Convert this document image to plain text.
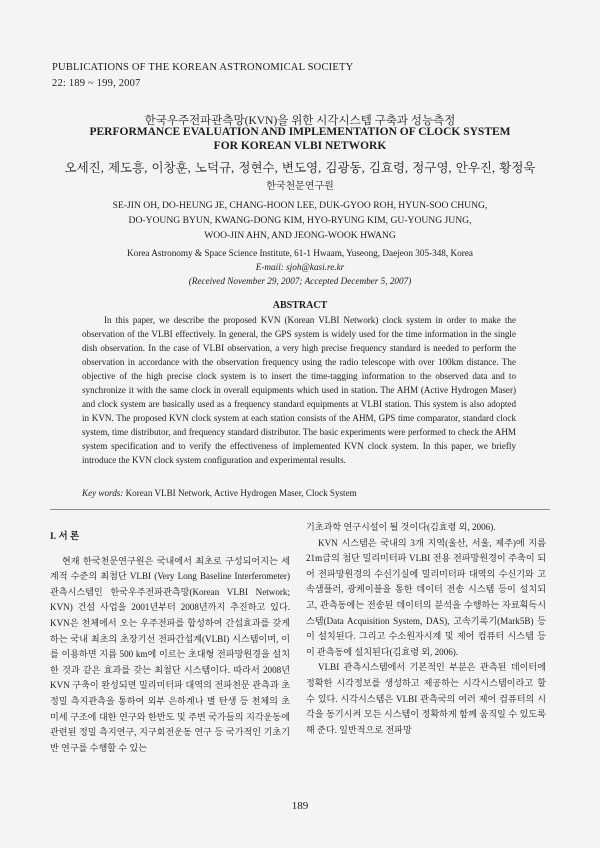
PUBLICATIONS OF THE KOREAN ASTRONOMICAL SOCIETY
22: 189 ~ 199, 2007
한국우주전파관측망(KVN)을 위한 시각시스템 구축과 성능측정
PERFORMANCE EVALUATION AND IMPLEMENTATION OF CLOCK SYSTEM
FOR KOREAN VLBI NETWORK
오세진, 제도흥, 이창훈, 노덕규, 정현수, 변도영, 김광동, 김효령, 정구영, 안우진, 황정욱
한국천문연구원
SE-JIN OH, DO-HEUNG JE, CHANG-HOON LEE, DUK-GYOO ROH, HYUN-SOO CHUNG,
DO-YOUNG BYUN, KWANG-DONG KIM, HYO-RYUNG KIM, GU-YOUNG JUNG,
WOO-JIN AHN, AND JEONG-WOOK HWANG
Korea Astronomy & Space Science Institute, 61-1 Hwaam, Yuseong, Daejeon 305-348, Korea
E-mail: sjoh@kasi.re.kr
(Received November 29, 2007; Accepted December 5, 2007)
ABSTRACT

In this paper, we describe the proposed KVN (Korean VLBI Network) clock system in order to make the observation of the VLBI effectively. In general, the GPS system is widely used for the time information in the single dish observation. In the case of VLBI observation, a very high precise frequency standard is needed to perform the observation in accordance with the observation frequency using the radio telescope with over 100km distance. The objective of the high precise clock system is to insert the time-tagging information to the observed data and to synchronize it with the same clock in overall equipments which used in station. The AHM (Active Hydrogen Maser) and clock system are basically used as a frequency standard equipments at VLBI station. This system is also adopted in KVN. The proposed KVN clock system at each station consists of the AHM, GPS time comparator, standard clock system, time distributor, and frequency standard distributor. The basic experiments were performed to check the AHM system specification and to verify the effectiveness of implemented KVN clock system. In this paper, we briefly introduce the KVN clock system configuration and experimental results.

Key words: Korean VLBI Network, Active Hydrogen Maser, Clock System
I. 서 론

현재 한국천문연구원은 국내에서 최초로 구성되어지는 세계적 수준의 최첨단 VLBI (Very Long Baseline Interferometer) 관측시스템인 한국우주전파관측망(Korean VLBI Network; KVN) 건설 사업을 2001년부터 2008년까지 추진하고 있다. KVN은 천체에서 오는 우주전파를 합성하여 간섭효과를 갖게 하는 국내 최초의 초장기선 전파간섭계(VLBI) 시스템이며, 이를 이용하면 지름 500 km에 이르는 초대형 전파망원경을 설치한 것과 같은 효과를 갖는 최첨단 시스템이다. 따라서 2008년 KVN 구축이 완성되면 밀리미터파 대역의 전파천문 관측과 초정밀 측지관측을 통하여 외부 은하계나 별 탄생 등 천체의 초미세 구조에 대한 연구와 한반도 및 주변 국가들의 지각운동에 관련된 정밀 측지연구, 지구회전운동 연구 등 국가적인 기초기반 연구를 수행할 수 있는

기초과학 연구시설이 될 것이다(김효령 외, 2006).

KVN 시스템은 국내의 3개 지역(울산, 서울, 제주)에 지름 21m급의 첨단 밀리미터파 VLBI 전용 전파망원경이 주축이 되어 전파망원경의 수신기실에 밀리미터파 대역의 수신기와 고속샘플러, 광케이블을 통한 데이터 전송 시스템 등이 설치되고, 관측동에는 전송된 데이터의 분석을 수행하는 자료획득시스템(Data Acquisition System, DAS), 고속기록기(Mark5B) 등이 설치된다. 그리고 수소원자시계 및 제어 컴퓨터 시스템 등이 관측동에 설치된다(김효령 외, 2006).

VLBI 관측시스템에서 기본적인 부분은 관측된 데이터에 정확한 시각정보를 생성하고 제공하는 시각시스템이라고 할 수 있다. 시각시스템은 VLBI 관측국의 여러 제어 컴퓨터의 시각을 동기시켜 모든 시스템이 정확하게 함께 움직일 수 있도록 해 준다. 일반적으로 전파망

189
